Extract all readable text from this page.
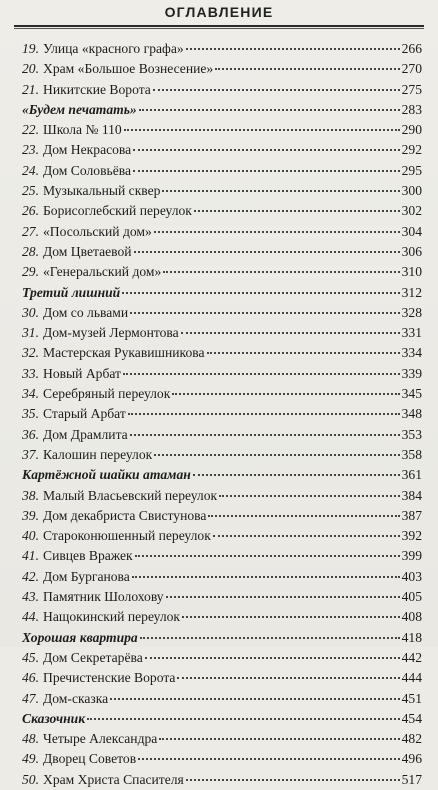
ОГЛАВЛЕНИЕ
19. Улица «красного графа»	266
20. Храм «Большое Вознесение»	270
21. Никитские Ворота	275
«Будем печатать»	283
22. Школа № 110	290
23. Дом Некрасова	292
24. Дом Соловьёва	295
25. Музыкальный сквер	300
26. Борисоглебский переулок	302
27. «Посольский дом»	304
28. Дом Цветаевой	306
29. «Генеральский дом»	310
Третий лишний	312
30. Дом со львами	328
31. Дом-музей Лермонтова	331
32. Мастерская Рукавишникова	334
33. Новый Арбат	339
34. Серебряный переулок	345
35. Старый Арбат	348
36. Дом Драмлита	353
37. Калошин переулок	358
Картёжной шайки атаман	361
38. Малый Власьевский переулок	384
39. Дом декабриста Свистунова	387
40. Староконюшенный переулок	392
41. Сивцев Вражек	399
42. Дом Бурганова	403
43. Памятник Шолохову	405
44. Нащокинский переулок	408
Хорошая квартира	418
45. Дом Секретарёва	442
46. Пречистенские Ворота	444
47. Дом-сказка	451
Сказочник	454
48. Четыре Александра	482
49. Дворец Советов	496
50. Храм Христа Спасителя	517
